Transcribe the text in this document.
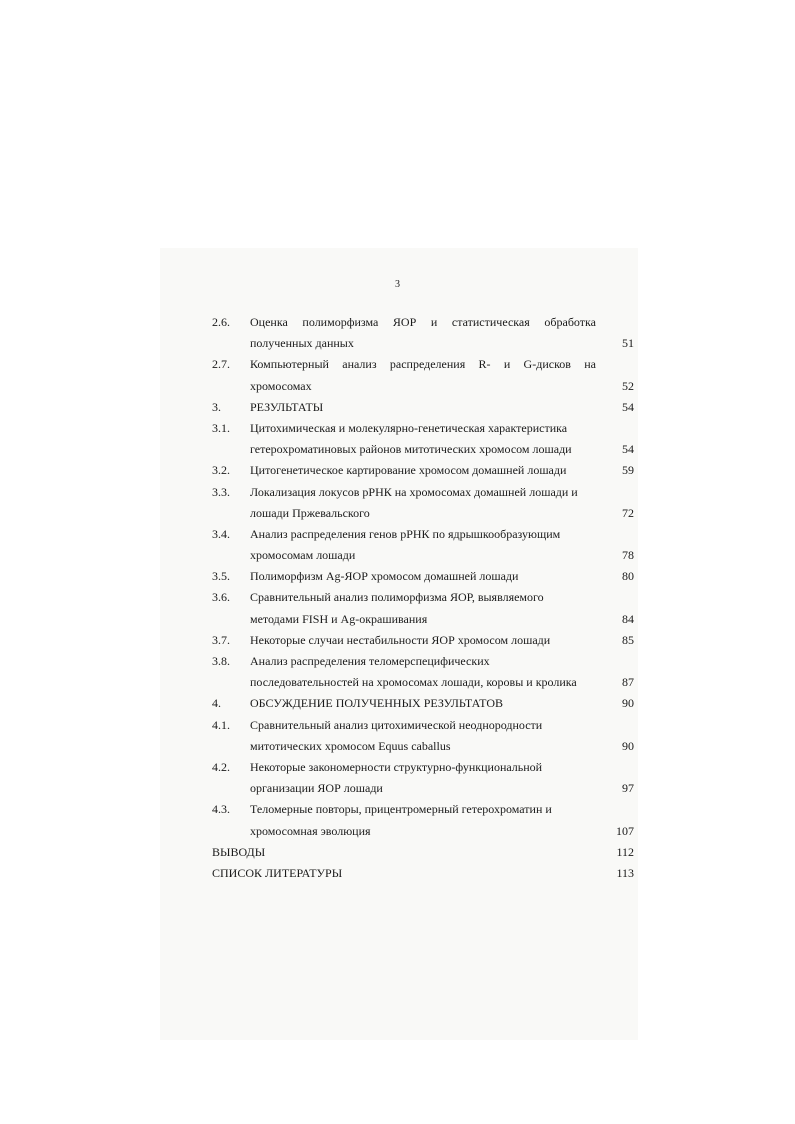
3
2.6. Оценка полиморфизма ЯОР и статистическая обработка
полученных данных	51
2.7. Компьютерный анализ распределения R- и G-дисков на
хромосомах	52
3. РЕЗУЛЬТАТЫ	54
3.1. Цитохимическая и молекулярно-генетическая характеристика
гетерохроматиновых районов митотических хромосом лошади	54
3.2. Цитогенетическое картирование хромосом домашней лошади	59
3.3. Локализация локусов рРНК на хромосомах домашней лошади и
лошади Пржевальского	72
3.4. Анализ распределения генов рРНК по ядрышкообразующим
хромосомам лошади	78
3.5. Полиморфизм Ag-ЯОР хромосом домашней лошади	80
3.6. Сравнительный анализ полиморфизма ЯОР, выявляемого
методами FISH и Ag-окрашивания	84
3.7. Некоторые случаи нестабильности ЯОР хромосом лошади	85
3.8. Анализ распределения теломерспецифических
последовательностей на хромосомах лошади, коровы и кролика	87
4. ОБСУЖДЕНИЕ ПОЛУЧЕННЫХ РЕЗУЛЬТАТОВ	90
4.1. Сравнительный анализ цитохимической неоднородности
митотических хромосом Equus caballus	90
4.2. Некоторые закономерности структурно-функциональной
организации ЯОР лошади	97
4.3. Теломерные повторы, прицентромерный гетерохроматин и
хромосомная эволюция	107
ВЫВОДЫ	112
СПИСОК ЛИТЕРАТУРЫ	113
